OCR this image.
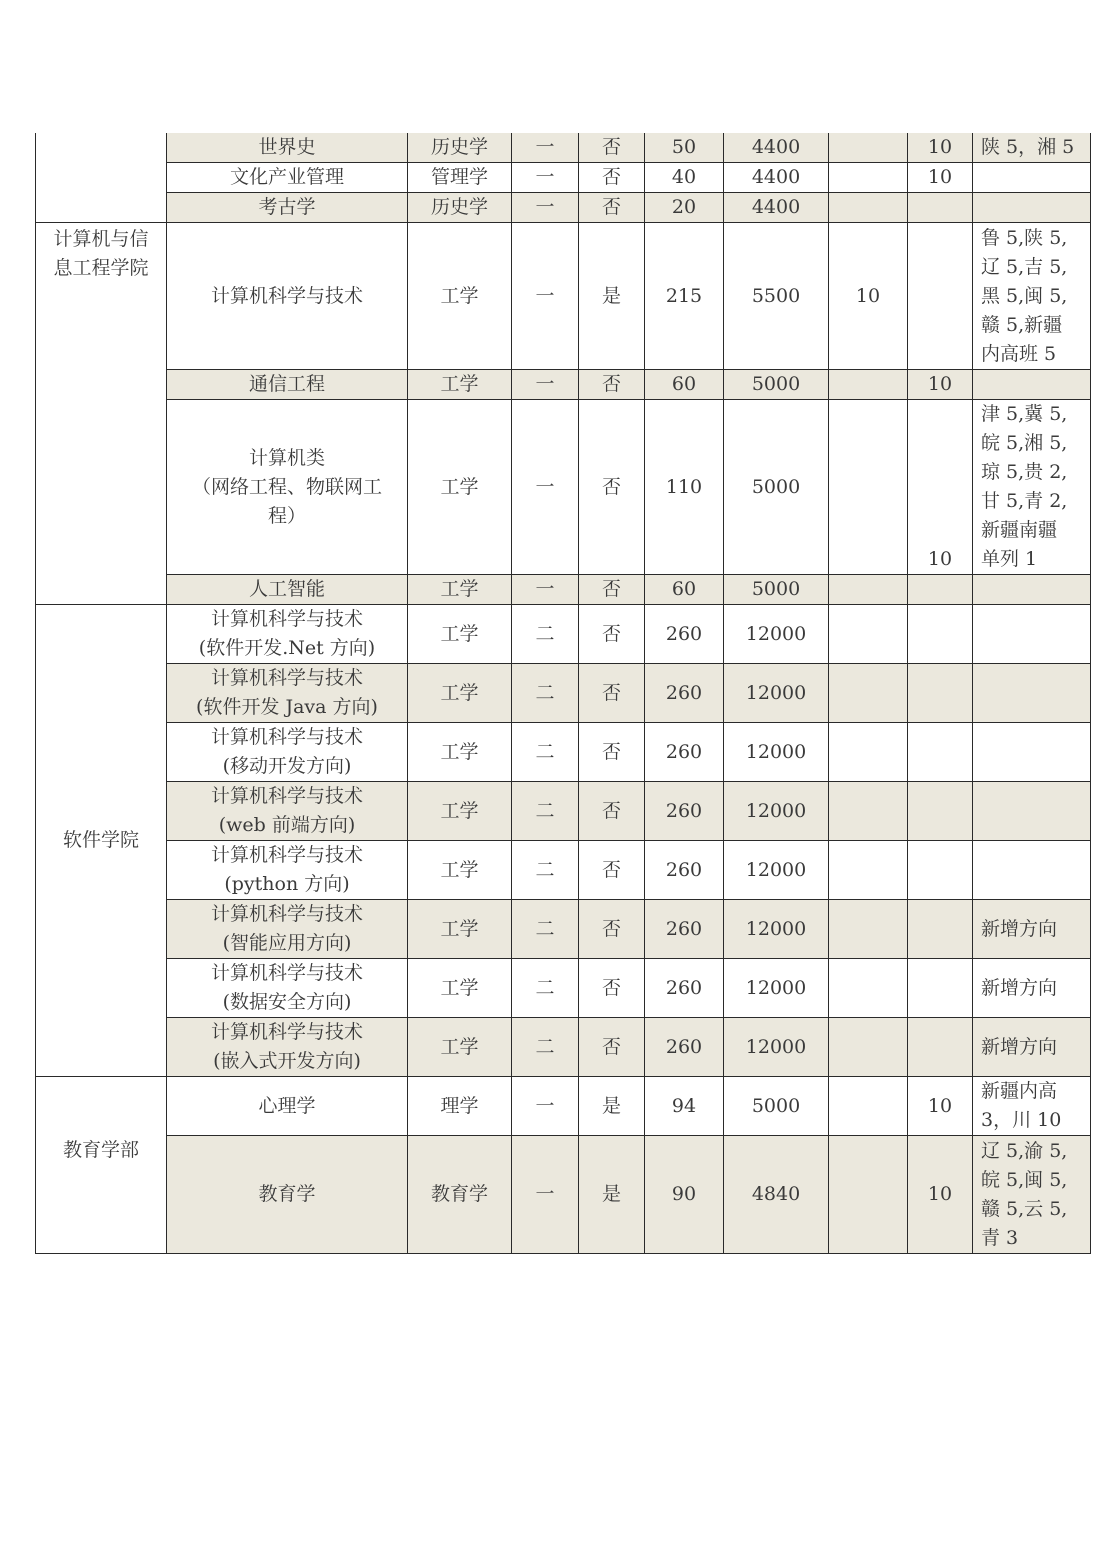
	世界史	历史学	一	否	50	4400		10	陕 5，湘 5
	文化产业管理	管理学	一	否	40	4400		10	
	考古学	历史学	一	否	20	4400			

计算机与信
息工程学院	计算机科学与技术	工学	一	是	215	5500	10		鲁 5,陕 5,
辽 5,吉 5,
黑 5,闽 5,
赣 5,新疆
内高班 5

	通信工程	工学	一	否	60	5000		10	

计算机类
（网络工程、物联网工
程）
	工学	一	否	110	5000		10	
津 5,冀 5,
皖 5,湘 5,
琼 5,贵 2,
甘 5,青 2,
新疆南疆
单列 1

	人工智能	工学	一	否	60	5000			
软件学院	计算机科学与技术
(软件开发.Net 方向)	工学	二	否	260	12000			

	计算机科学与技术
(软件开发 Java 方向)	工学	二	否	260	12000			

	计算机科学与技术
(移动开发方向)	工学	二	否	260	12000			

	计算机科学与技术
(web 前端方向)	工学	二	否	260	12000			

	计算机科学与技术
(python 方向)	工学	二	否	260	12000			

	计算机科学与技术
(智能应用方向)	工学	二	否	260	12000			新增方向

	计算机科学与技术
(数据安全方向)	工学	二	否	260	12000			新增方向

	计算机科学与技术
(嵌入式开发方向)	工学	二	否	260	12000			新增方向
教育学部	心理学	理学	一	是	94	5000		10	新疆内高
3，川 10

	教育学	教育学	一	是	90	4840		10	辽 5,渝 5,
皖 5,闽 5,
赣 5,云 5,
青 3
